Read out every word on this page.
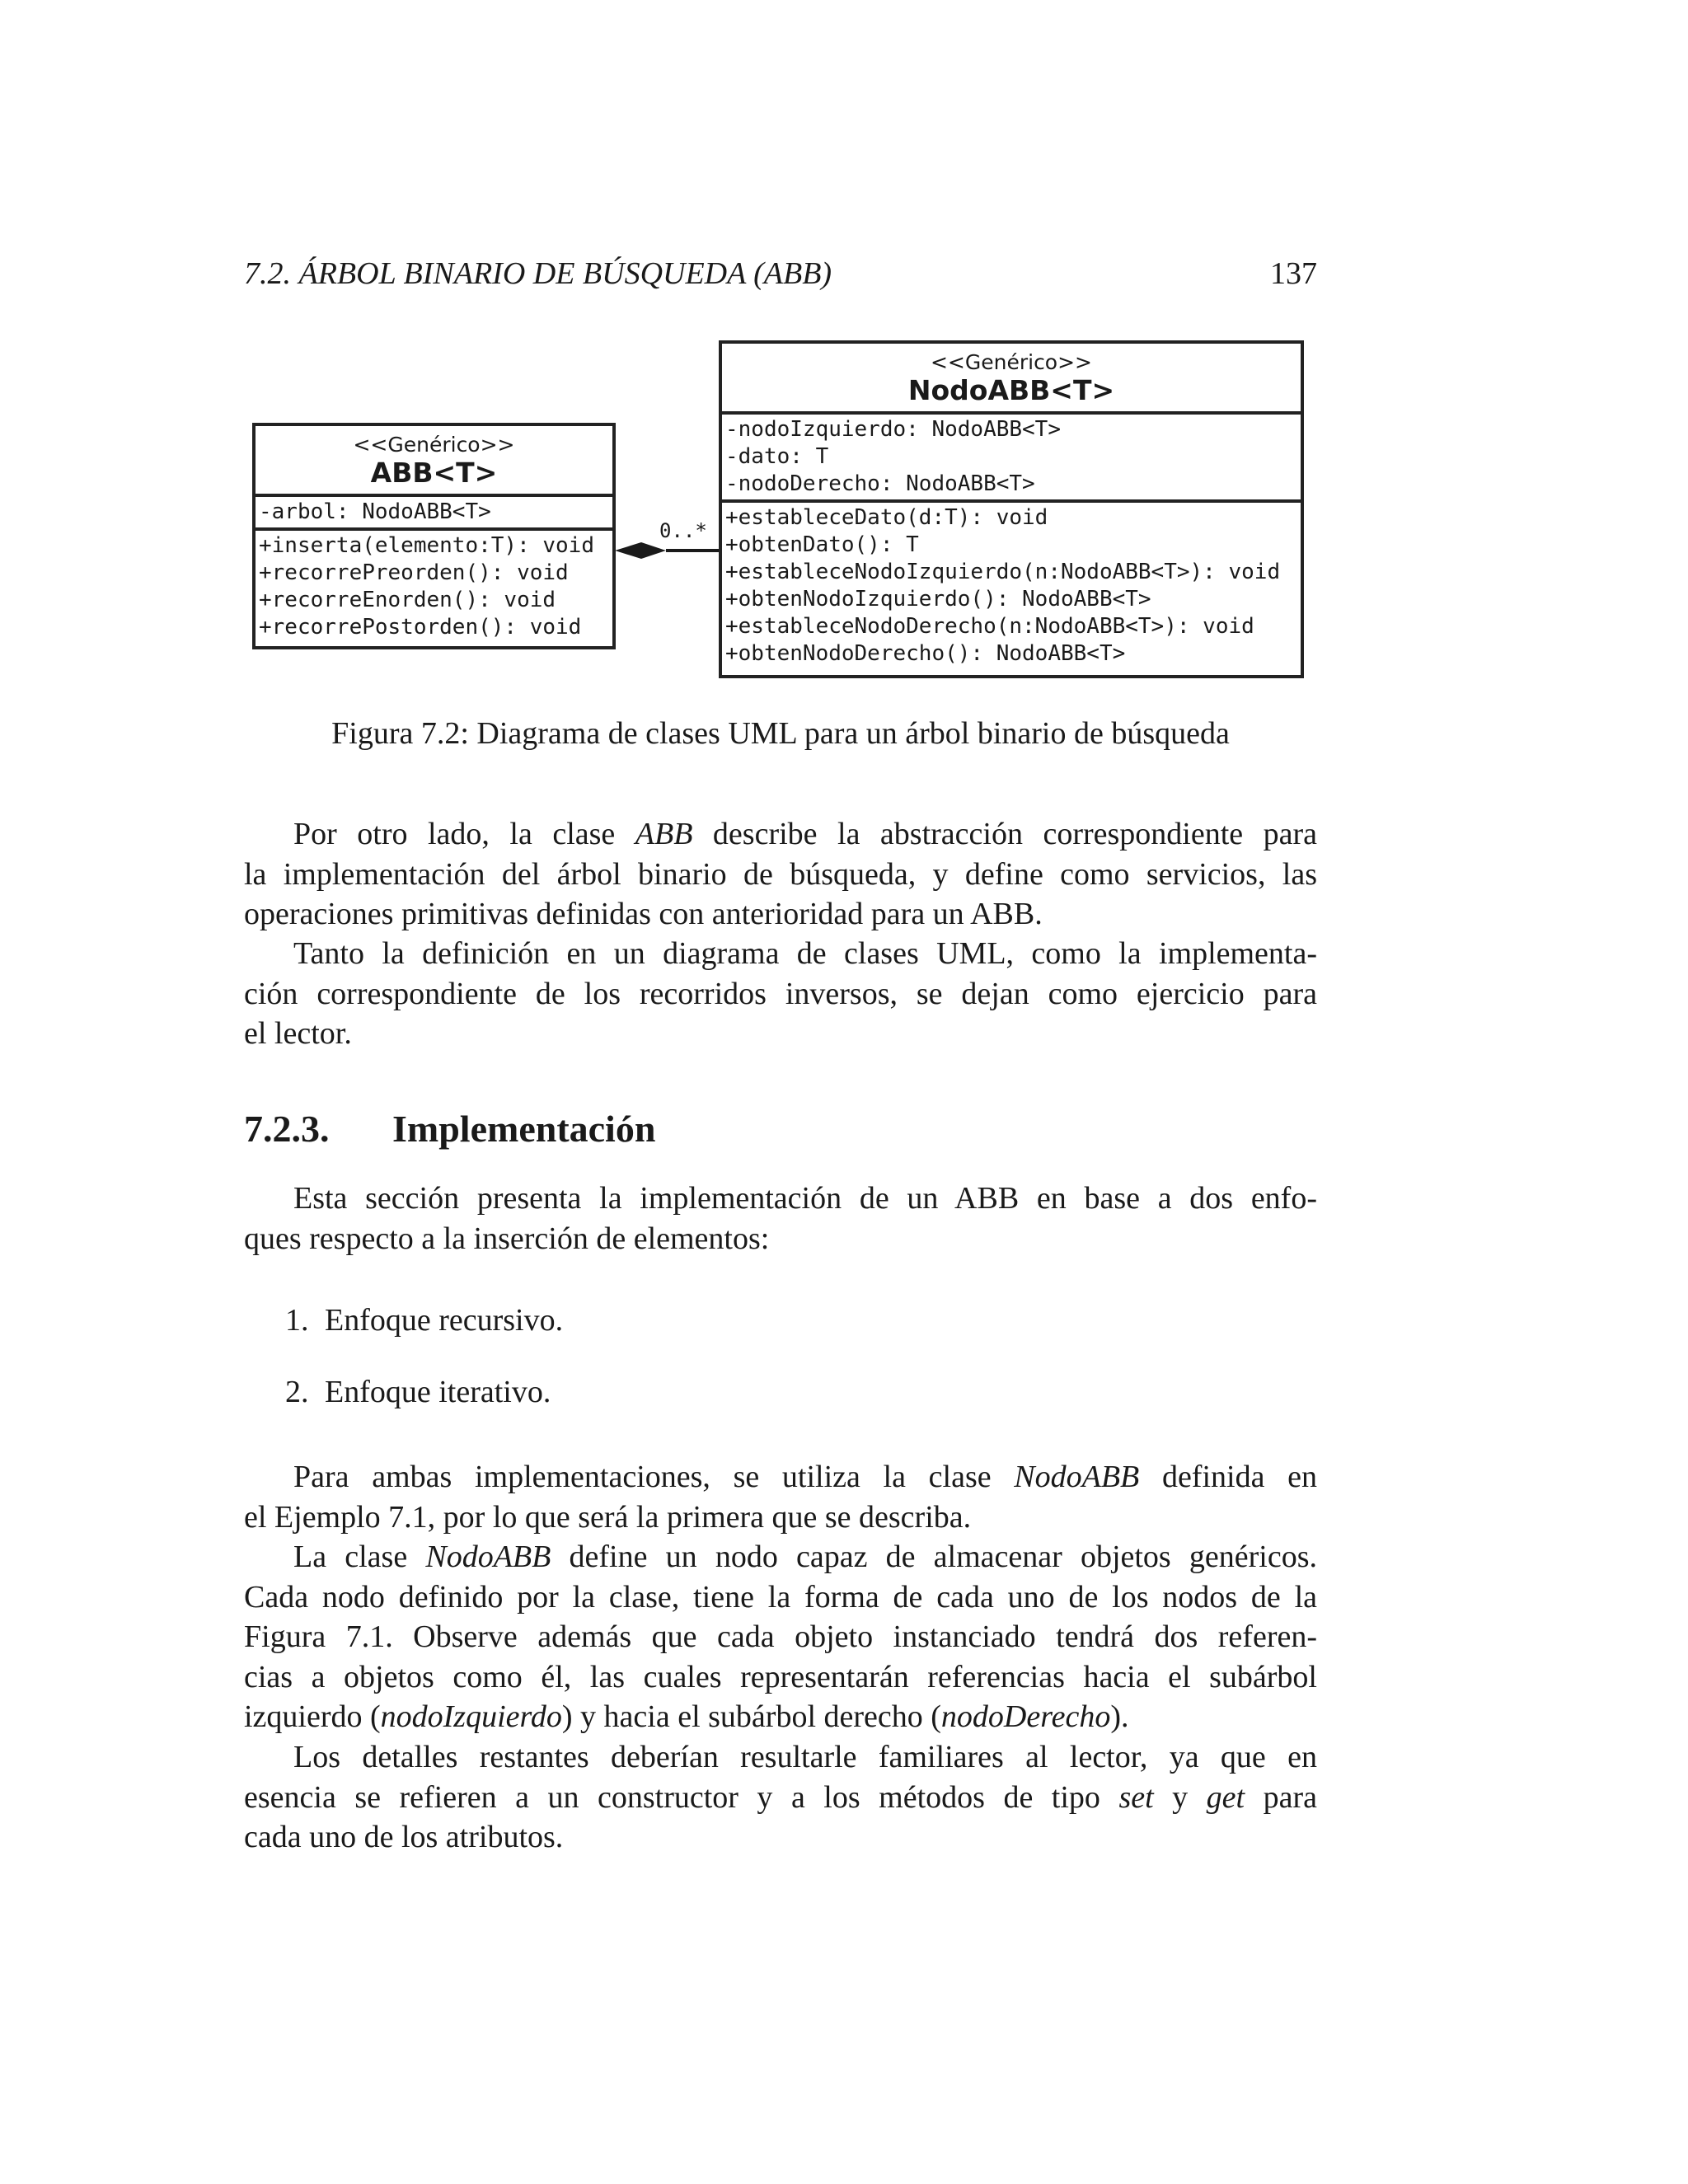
7.2. ÁRBOL BINARIO DE BÚSQUEDA (ABB)	137
<<Genérico>>
ABB<T>
-arbol: NodoABB<T>
+inserta(elemento:T): void
+recorrePreorden(): void
+recorreEnorden(): void
+recorrePostorden(): void
0..*
<<Genérico>>
NodoABB<T>
-nodoIzquierdo: NodoABB<T>
-dato: T
-nodoDerecho: NodoABB<T>
+estableceDato(d:T): void
+obtenDato(): T
+estableceNodoIzquierdo(n:NodoABB<T>): void
+obtenNodoIzquierdo(): NodoABB<T>
+estableceNodoDerecho(n:NodoABB<T>): void
+obtenNodoDerecho(): NodoABB<T>
Figura 7.2: Diagrama de clases UML para un árbol binario de búsqueda
Por otro lado, la clase ABB describe la abstracción correspondiente para
la implementación del árbol binario de búsqueda, y define como servicios, las
operaciones primitivas definidas con anterioridad para un ABB.
Tanto la definición en un diagrama de clases UML, como la implementa-
ción correspondiente de los recorridos inversos, se dejan como ejercicio para
el lector.
7.2.3. Implementación
Esta sección presenta la implementación de un ABB en base a dos enfo-
ques respecto a la inserción de elementos:
1. Enfoque recursivo.
2. Enfoque iterativo.
Para ambas implementaciones, se utiliza la clase NodoABB definida en
el Ejemplo 7.1, por lo que será la primera que se describa.
La clase NodoABB define un nodo capaz de almacenar objetos genéricos.
Cada nodo definido por la clase, tiene la forma de cada uno de los nodos de la
Figura 7.1. Observe además que cada objeto instanciado tendrá dos referen-
cias a objetos como él, las cuales representarán referencias hacia el subárbol
izquierdo (nodoIzquierdo) y hacia el subárbol derecho (nodoDerecho).
Los detalles restantes deberían resultarle familiares al lector, ya que en
esencia se refieren a un constructor y a los métodos de tipo set y get para
cada uno de los atributos.
